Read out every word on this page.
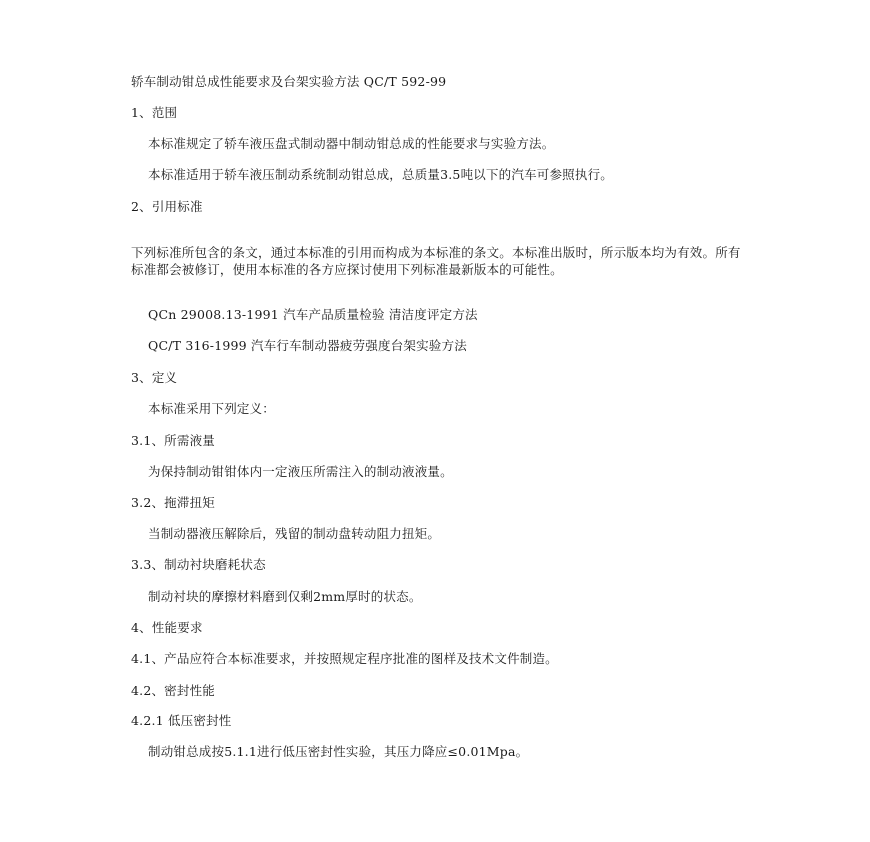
轿车制动钳总成性能要求及台架实验方法 QC/T 592-99
1、范围
本标准规定了轿车液压盘式制动器中制动钳总成的性能要求与实验方法。
本标准适用于轿车液压制动系统制动钳总成，总质量3.5吨以下的汽车可参照执行。
2、引用标准
下列标准所包含的条文，通过本标准的引用而构成为本标准的条文。本标准出版时，所示版本均为有效。所有标准都会被修订，使用本标准的各方应探讨使用下列标准最新版本的可能性。
QCn 29008.13-1991 汽车产品质量检验 清洁度评定方法
QC/T 316-1999 汽车行车制动器疲劳强度台架实验方法
3、定义
本标准采用下列定义：
3.1、所需液量
为保持制动钳钳体内一定液压所需注入的制动液液量。
3.2、拖滞扭矩
当制动器液压解除后，残留的制动盘转动阻力扭矩。
3.3、制动衬块磨耗状态
制动衬块的摩擦材料磨到仅剩2mm厚时的状态。
4、性能要求
4.1、产品应符合本标准要求，并按照规定程序批准的图样及技术文件制造。
4.2、密封性能
4.2.1 低压密封性
制动钳总成按5.1.1进行低压密封性实验，其压力降应≤0.01Mpa。
